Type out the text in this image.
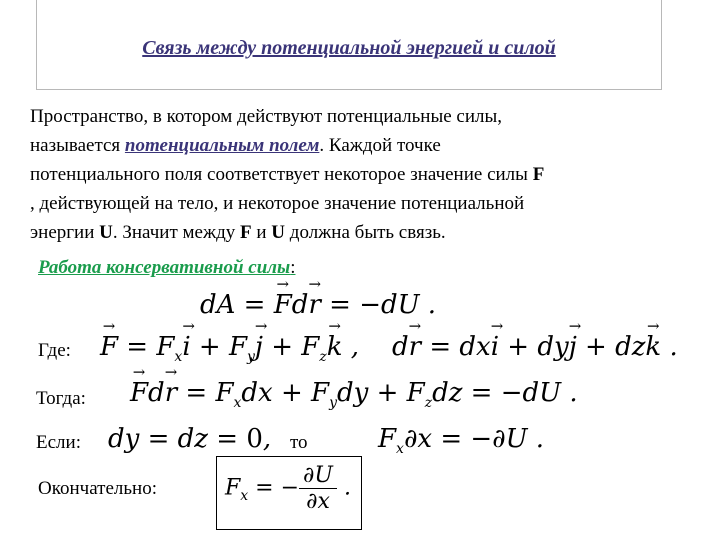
Связь между потенциальной энергией и силой
Пространство, в котором действуют потенциальные силы,
называется потенциальным полем. Каждой точке
потенциального поля соответствует некоторое значение силы F
, действующей на тело, и некоторое значение потенциальной
энергии U. Значит между F и U должна быть связь.
Работа консервативной силы:
dA = → Fd→ r = −dU .
Где: → $F = F_x\to i + F_y\to j + F_z\to k$ , d→ r = dx→ i + dy→ j + dz→ k .
Тогда: → $Fd\to r = F_xdx + F_ydy + F_zdz = -dU$ .
Если: dy = dz = 0, то	$F_x\partial x = -\partial U$ .
Окончательно:	$F_x$ = − $\frac{\partial U}{\partial x}$ .
